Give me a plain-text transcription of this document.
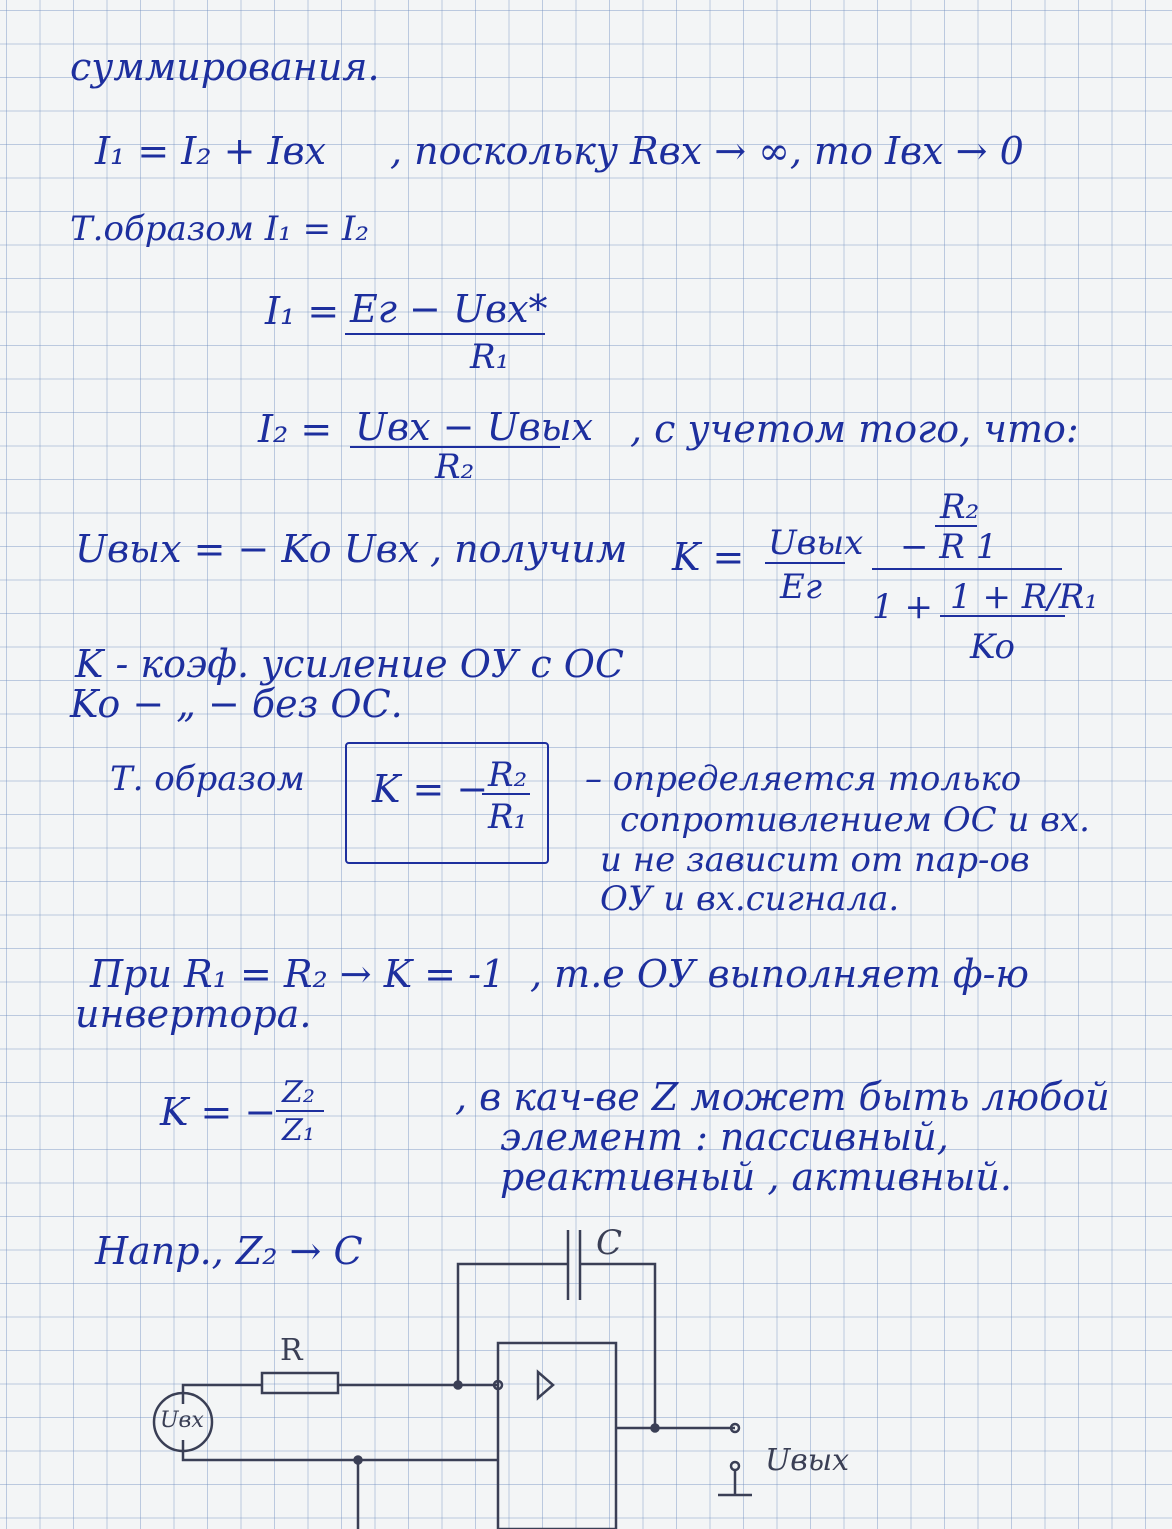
суммирования.
I₁ = I₂ + Iвх , поскольку Rвх → ∞, то Iвх → 0
Т.образом I₁ = I₂
I₁ = Eг − Uвх*
R₁
I₂ = Uвх − Uвых
R₂
, с учетом того, что:
Uвых = − Ko Uвх , получим K = Uвых
Eг
R₂
− R 1
1 + 1 + R/R₁
Ko
K - коэф. усиление ОУ с ОС
Ko − „ − без ОС.
Т. образом K = − R₂
R₁
– определяется только
сопротивлением ОС и вх.
и не зависит от пар-ов
ОУ и вх.сигнала.
При R₁ = R₂ → K = -1 , т.е ОУ выполняет ф-ю
инвертора.
K = − Z₂
Z₁
, в кач-ве Z может быть любой
элемент : пассивный,
реактивный , активный.
Напр., Z₂ → C	C
R
Uвх
Uвых
